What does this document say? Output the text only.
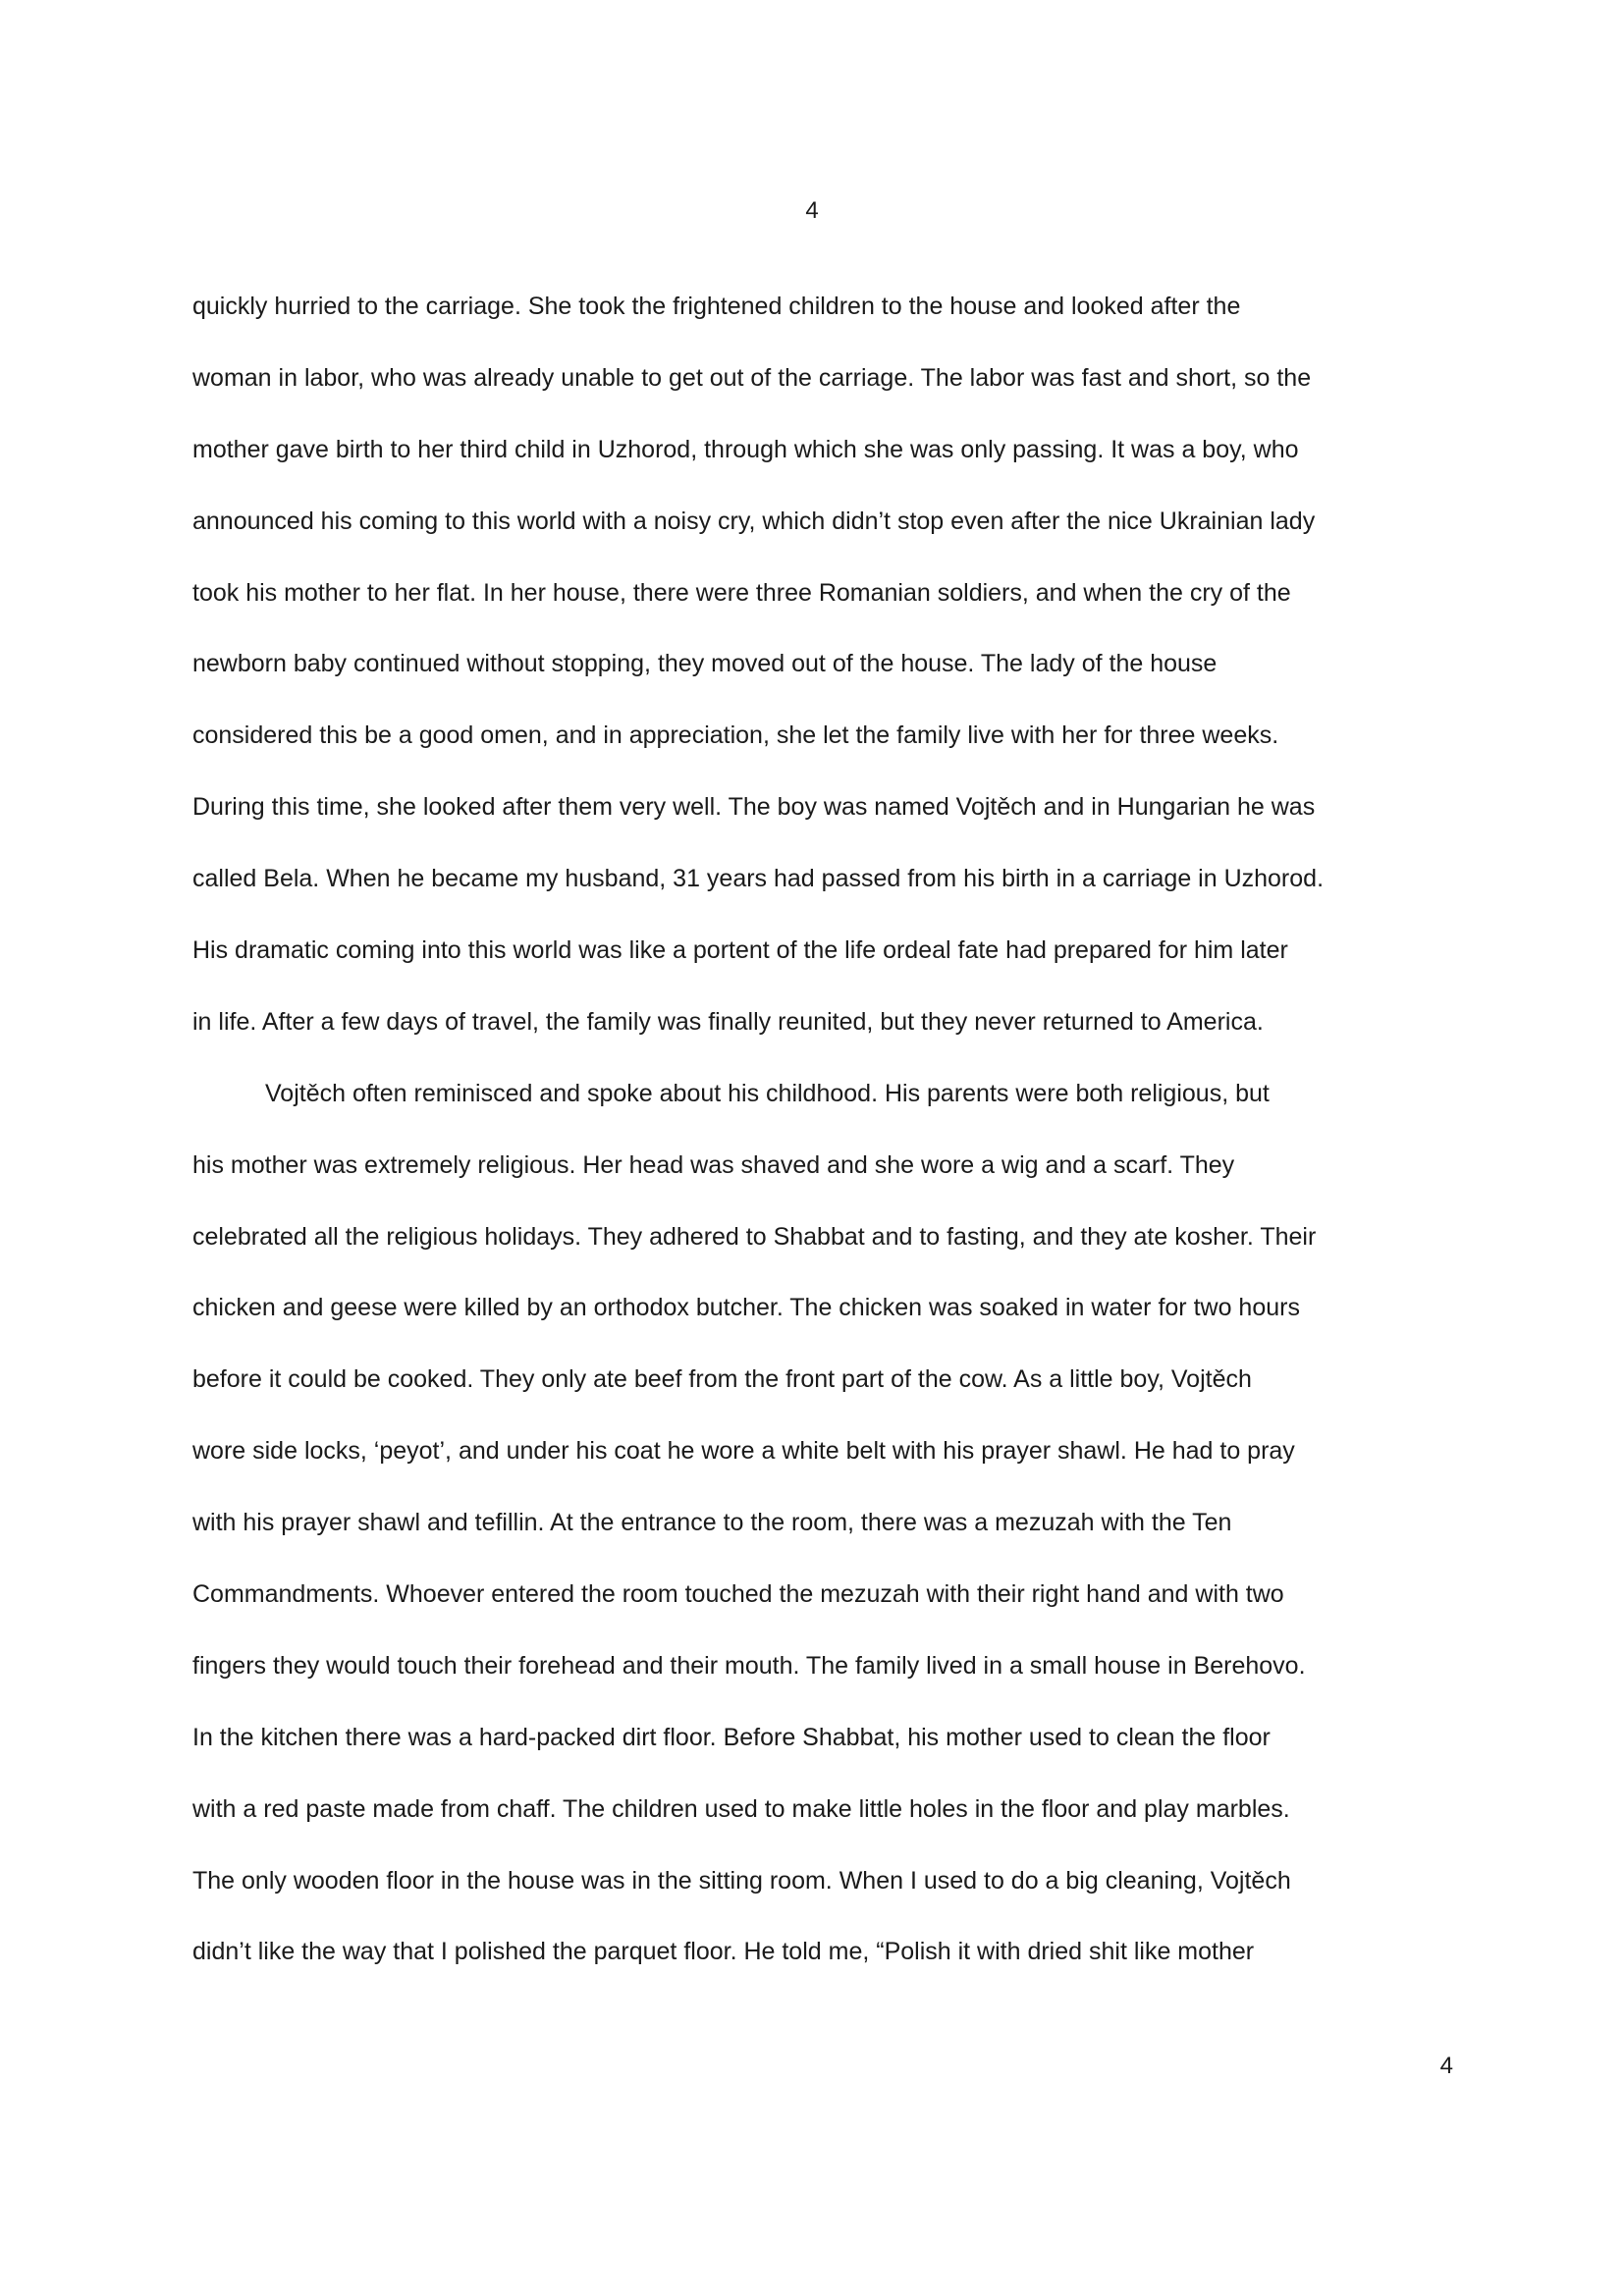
4
quickly hurried to the carriage. She took the frightened children to the house and looked after the
woman in labor, who was already unable to get out of the carriage. The labor was fast and short, so the
mother gave birth to her third child in Uzhorod, through which she was only passing. It was a boy, who
announced his coming to this world with a noisy cry, which didn’t stop even after the nice Ukrainian lady
took his mother to her flat. In her house, there were three Romanian soldiers, and when the cry of the
newborn baby continued without stopping, they moved out of the house. The lady of the house
considered this be a good omen, and in appreciation, she let the family live with her for three weeks.
During this time, she looked after them very well. The boy was named Vojtěch and in Hungarian he was
called Bela. When he became my husband, 31 years had passed from his birth in a carriage in Uzhorod.
His dramatic coming into this world was like a portent of the life ordeal fate had prepared for him later
in life. After a few days of travel, the family was finally reunited, but they never returned to America.
Vojtěch often reminisced and spoke about his childhood. His parents were both religious, but
his mother was extremely religious. Her head was shaved and she wore a wig and a scarf. They
celebrated all the religious holidays. They adhered to Shabbat and to fasting, and they ate kosher. Their
chicken and geese were killed by an orthodox butcher. The chicken was soaked in water for two hours
before it could be cooked. They only ate beef from the front part of the cow. As a little boy, Vojtěch
wore side locks, ‘peyot’, and under his coat he wore a white belt with his prayer shawl. He had to pray
with his prayer shawl and tefillin. At the entrance to the room, there was a mezuzah with the Ten
Commandments. Whoever entered the room touched the mezuzah with their right hand and with two
fingers they would touch their forehead and their mouth. The family lived in a small house in Berehovo.
In the kitchen there was a hard-packed dirt floor. Before Shabbat, his mother used to clean the floor
with a red paste made from chaff. The children used to make little holes in the floor and play marbles.
The only wooden floor in the house was in the sitting room. When I used to do a big cleaning, Vojtěch
didn’t like the way that I polished the parquet floor. He told me, “Polish it with dried shit like mother
4
